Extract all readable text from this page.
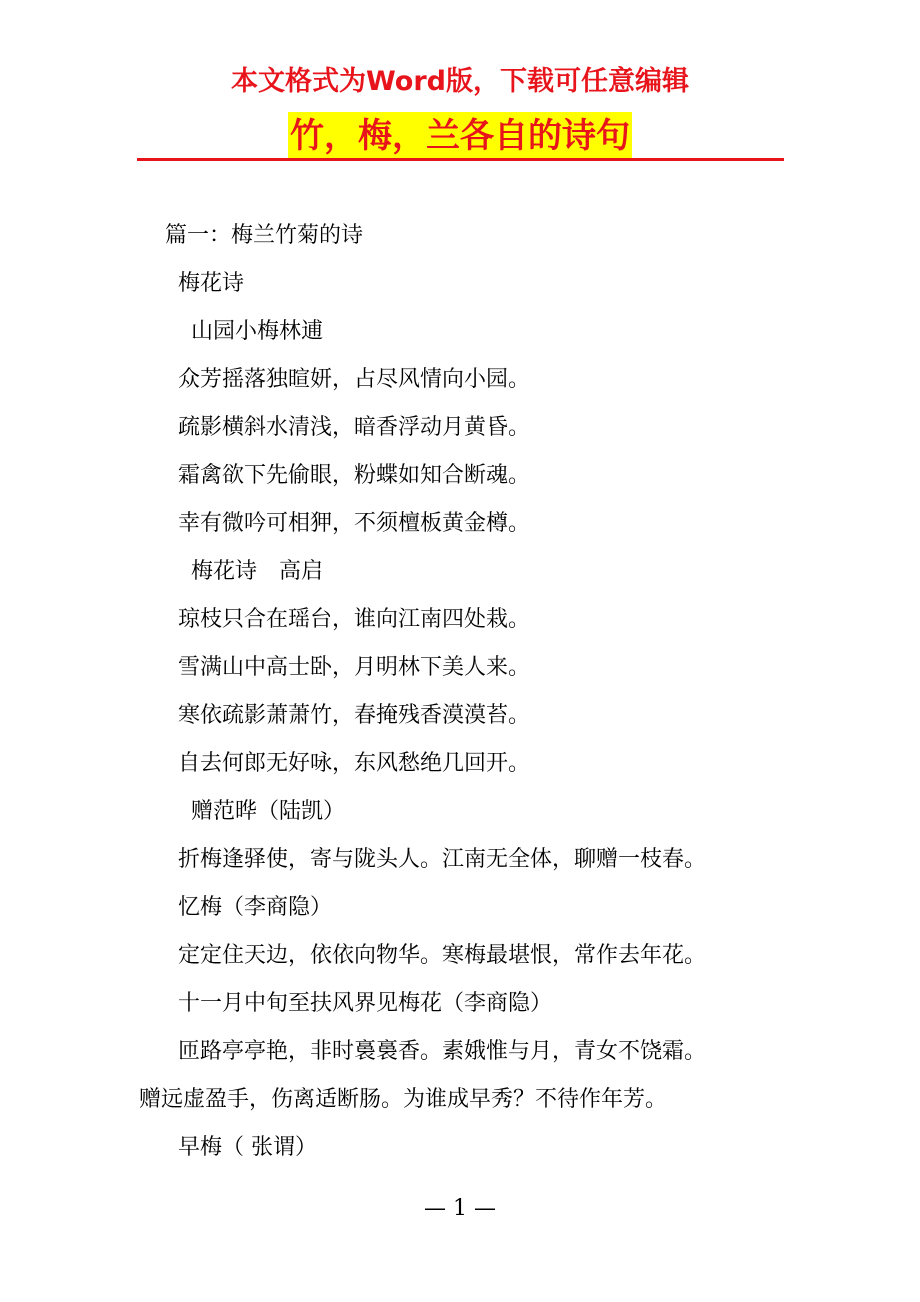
本文格式为Word版，下载可任意编辑
竹，梅，兰各自的诗句
篇一：梅兰竹菊的诗
梅花诗
山园小梅林逋
众芳摇落独暄妍，占尽风情向小园。
疏影横斜水清浅，暗香浮动月黄昏。
霜禽欲下先偷眼，粉蝶如知合断魂。
幸有微吟可相狎，不须檀板黄金樽。
梅花诗　高启
琼枝只合在瑶台，谁向江南四处栽。
雪满山中高士卧，月明林下美人来。
寒依疏影萧萧竹，春掩残香漠漠苔。
自去何郎无好咏，东风愁绝几回开。
赠范晔（陆凯）
折梅逢驿使，寄与陇头人。江南无全体，聊赠一枝春。
忆梅（李商隐）
定定住天边，依依向物华。寒梅最堪恨，常作去年花。
十一月中旬至扶风界见梅花（李商隐）
匝路亭亭艳，非时裛裛香。素娥惟与月，青女不饶霜。
赠远虚盈手，伤离适断肠。为谁成早秀？不待作年芳。
早梅（ 张谓）
— 1 —
